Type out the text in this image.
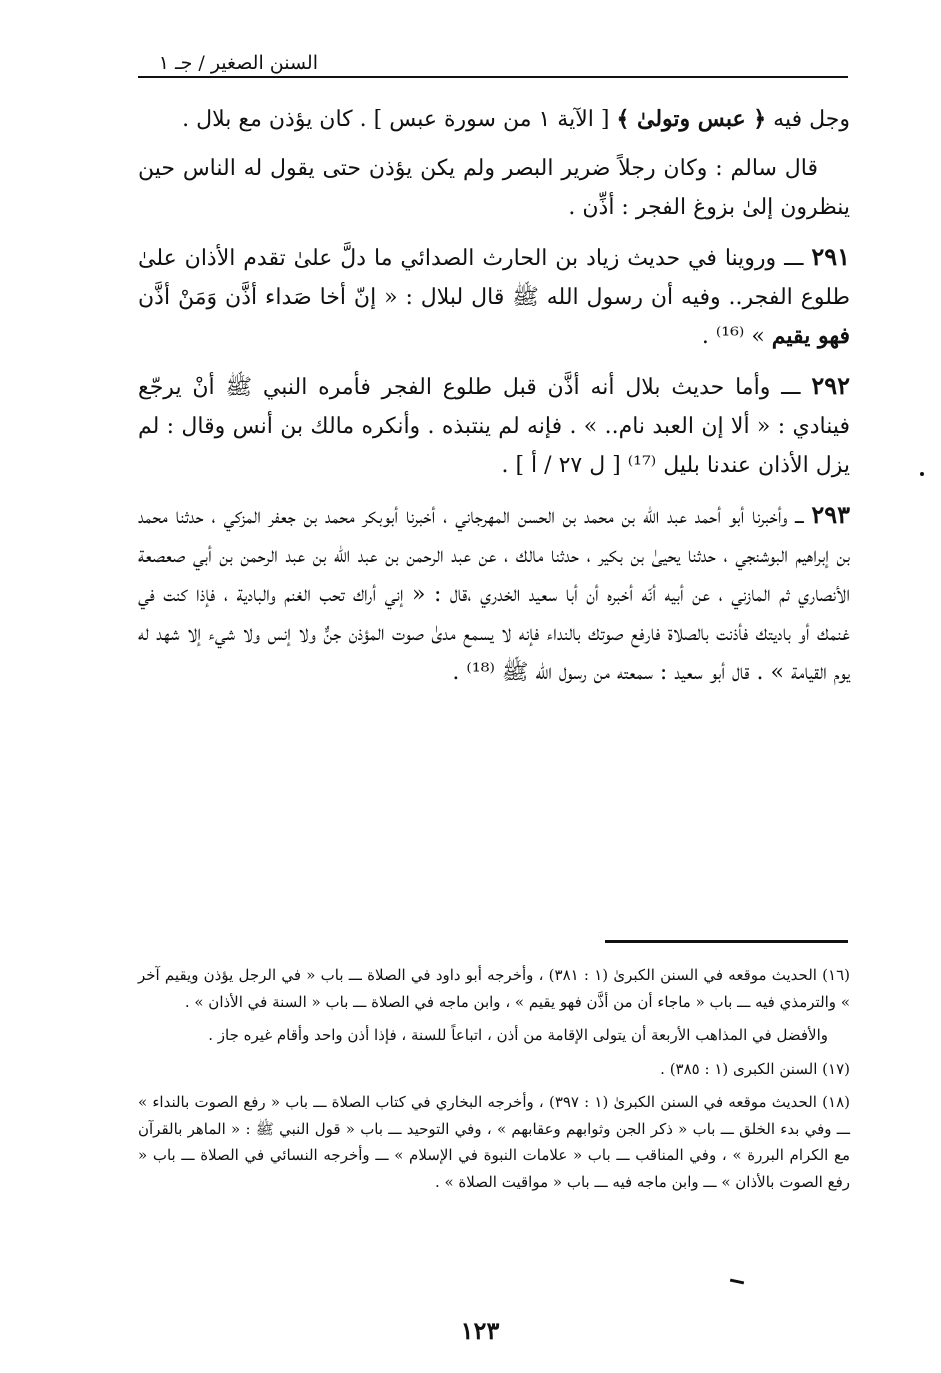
السنن الصغير / جـ ١

وجل فيه ﴿ عبس وتولىٰ ﴾ [ الآية ١ من سورة عبس ] . كان يؤذن مع بلال .

قال سالم : وكان رجلاً ضرير البصر ولم يكن يؤذن حتى يقول له الناس حين ينظرون إلىٰ بزوغ الفجر : أذِّن .

٢٩١ ـــ وروينا في حديث زياد بن الحارث الصدائي ما دلَّ علىٰ تقدم الأذان علىٰ طلوع الفجر.. وفيه أن رسول الله ﷺ قال لبلال : « إنّ أخا صَداء أذَّن وَمَنْ أذَّن فهو يقيم » ⁽¹⁶⁾ .

٢٩٢ ـــ وأما حديث بلال أنه أذَّن قبل طلوع الفجر فأمره النبي ﷺ أنْ يرجّع فينادي : « ألا إن العبد نام.. » . فإنه لم ينتبذه . وأنكره مالك بن أنس وقال : لم يزل الأذان عندنا بليل ⁽¹⁷⁾ [ ل ٢٧ / أ ] .

٢٩٣ ـــ وأخبرنا أبو أحمد عبد الله بن محمد بن الحسن المهرجاني ، أخبرنا أبوبكر محمد بن جعفر المزكي ، حدثنا محمد بن إبراهيم البوشنجي ، حدثنا يحيىٰ بن بكير ، حدثنا مالك ، عن عبد الرحمن بن عبد الله بن عبد الرحمن بن أبي صعصعة الأنصاري ثم المازني ، عن أبيه أنّه أخبره أن أبا سعيد الخدري ،قال : « إني أراك تحب الغنم والبادية ، فإذا كنت في غنمك أو باديتك فأذنت بالصلاة فارفع صوتك بالنداء فإنه لا يسمع مدىٰ صوت المؤذن جنٌّ ولا إنس ولا شيء إلا شهد له يوم القيامة » . قال أبو سعيد : سمعته من رسول الله ﷺ ⁽¹⁸⁾ .

(١٦) الحديث موقعه في السنن الكبرىٰ (١ : ٣٨١) ، وأخرجه أبو داود في الصلاة ـــ باب « في الرجل يؤذن ويقيم آخر » والترمذي فيه ـــ باب « ماجاء أن من أذَّن فهو يقيم » ، وابن ماجه في الصلاة ـــ باب « السنة في الأذان » .

والأفضل في المذاهب الأربعة أن يتولى الإقامة من أذن ، اتباعاً للسنة ، فإذا أذن واحد وأقام غيره جاز .

(١٧) السنن الكبرى (١ : ٣٨٥) .

(١٨) الحديث موقعه في السنن الكبرىٰ (١ : ٣٩٧) ، وأخرجه البخاري في كتاب الصلاة ـــ باب « رفع الصوت بالنداء » ـــ وفي بدء الخلق ـــ باب « ذكر الجن وثوابهم وعقابهم » ، وفي التوحيد ـــ باب « قول النبي ﷺ : « الماهر بالقرآن مع الكرام البررة » ، وفي المناقب ـــ باب « علامات النبوة في الإسلام » ـــ وأخرجه النسائي في الصلاة ـــ باب « رفع الصوت بالأذان » ـــ وابن ماجه فيه ـــ باب « مواقيت الصلاة » .

١٢٣
